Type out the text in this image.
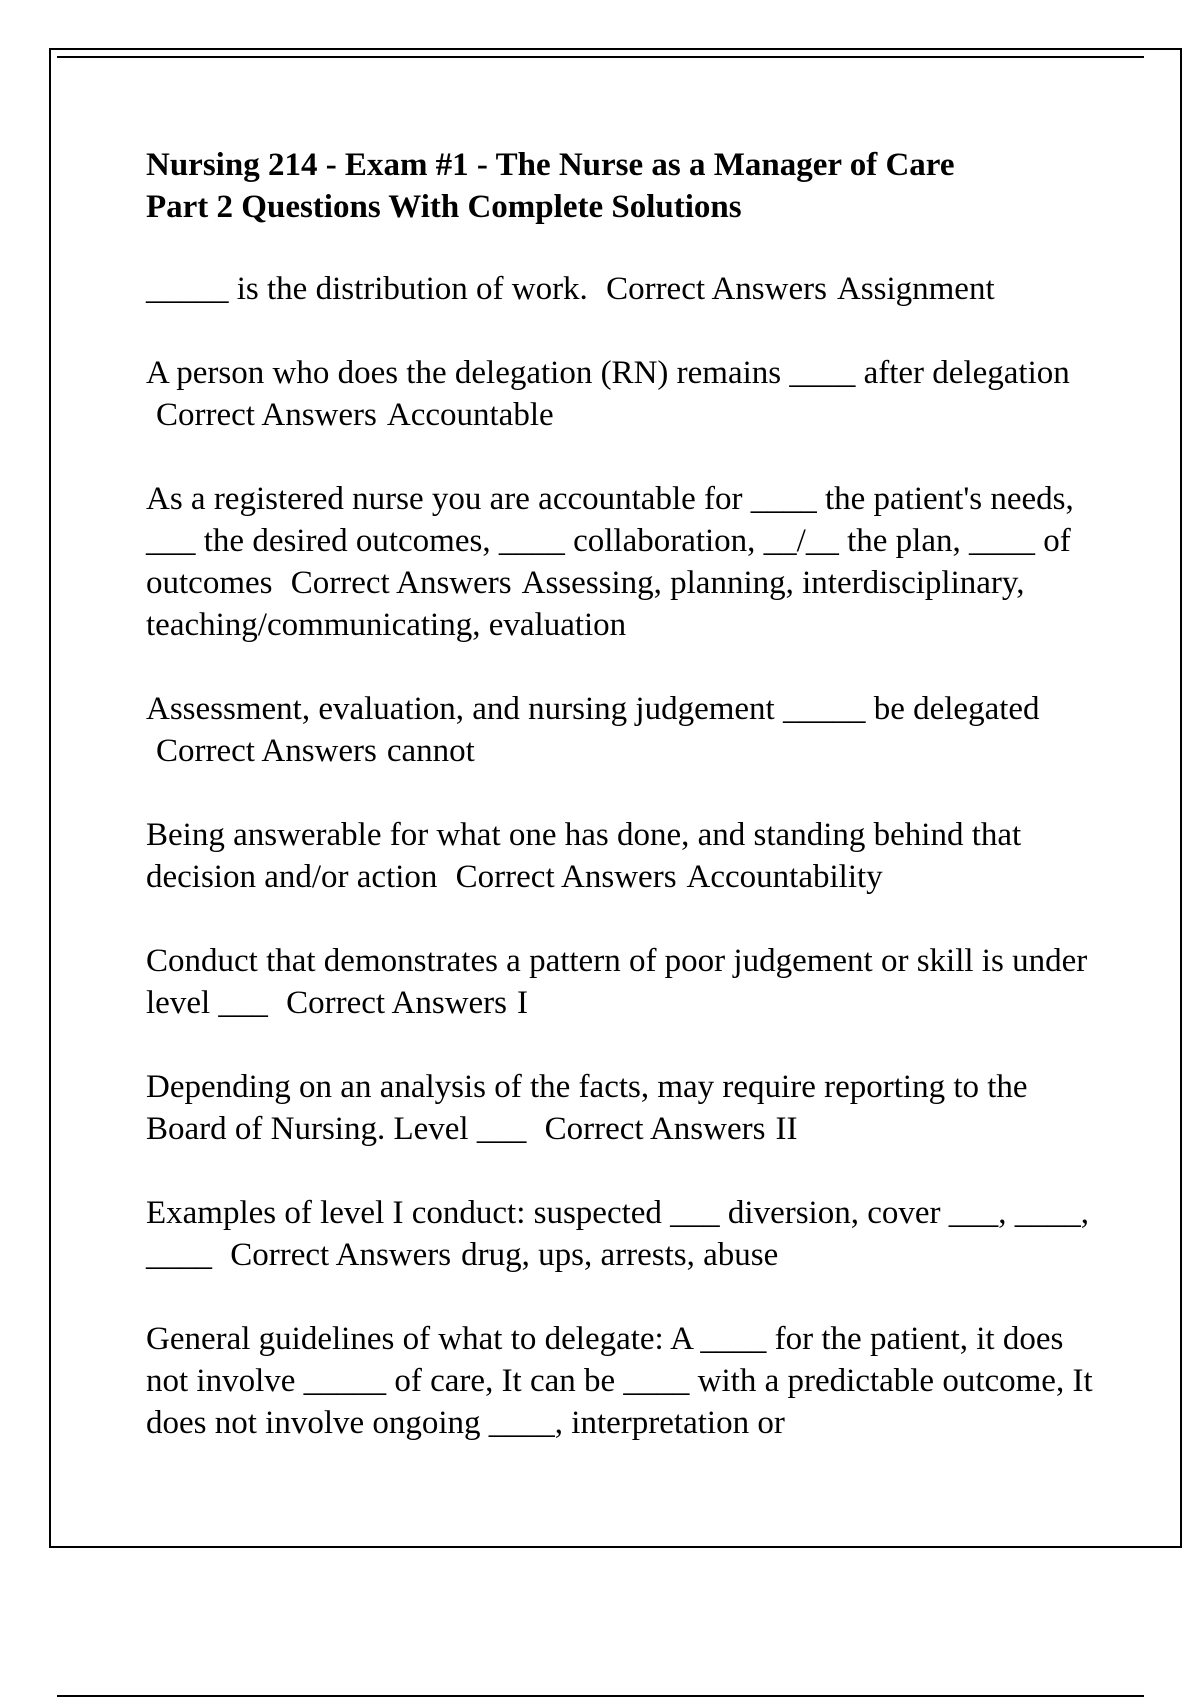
Nursing 214 - Exam #1 - The Nurse as a Manager of Care
Part 2 Questions With Complete Solutions
_____ is the distribution of work. Correct Answers Assignment
A person who does the delegation (RN) remains ____ after delegation Correct Answers Accountable
As a registered nurse you are accountable for ____ the patient's needs, ___ the desired outcomes, ____ collaboration, __/__ the plan, ____ of outcomes Correct Answers Assessing, planning, interdisciplinary, teaching/communicating, evaluation
Assessment, evaluation, and nursing judgement _____ be delegated Correct Answers cannot
Being answerable for what one has done, and standing behind that decision and/or action Correct Answers Accountability
Conduct that demonstrates a pattern of poor judgement or skill is under level ___ Correct Answers I
Depending on an analysis of the facts, may require reporting to the Board of Nursing. Level ___ Correct Answers II
Examples of level I conduct: suspected ___ diversion, cover ___, ____, ____ Correct Answers drug, ups, arrests, abuse
General guidelines of what to delegate: A ____ for the patient, it does not involve _____ of care, It can be ____ with a predictable outcome, It does not involve ongoing ____, interpretation or
